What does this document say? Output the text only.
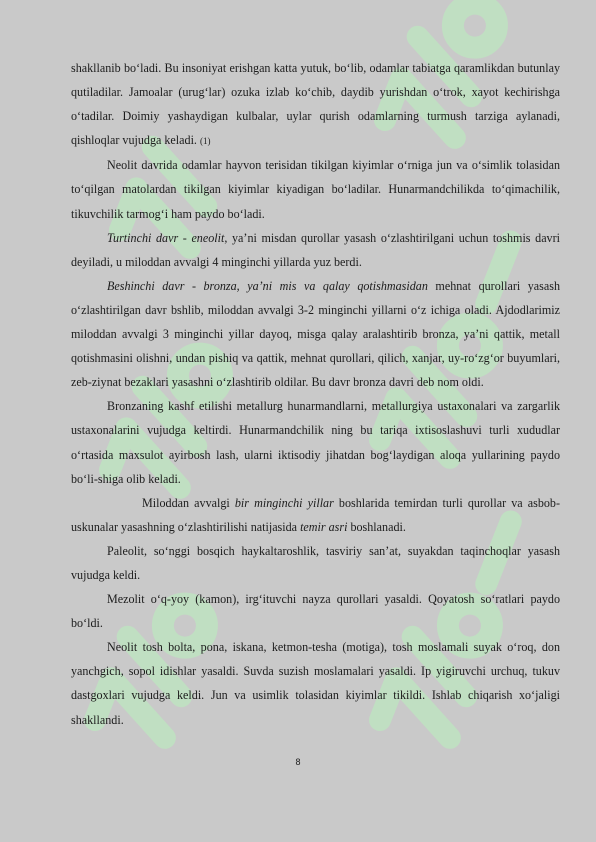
shakllanib bo‘ladi. Bu insoniyat erishgan katta yutuk, bo‘lib, odamlar tabiatga qaramlikdan butunlay qutiladilar. Jamoalar (urug‘lar) ozuka izlab ko‘chib, daydib yurishdan o‘trok, xayot kechirishga o‘tadilar. Doimiy yashaydigan kulbalar, uylar qurish odamlarning turmush tarziga aylanadi, qishloqlar vujudga keladi. (1)

Neolit davrida odamlar hayvon terisidan tikilgan kiyimlar o‘rniga jun va o‘simlik tolasidan to‘qilgan matolardan tikilgan kiyimlar kiyadigan bo‘ladilar. Hunarmandchilikda to‘qimachilik, tikuvchilik tarmog‘i ham paydo bo‘ladi.

Turtinchi davr - eneolit, ya’ni misdan qurollar yasash o‘zlashtirilgani uchun toshmis davri deyiladi, u miloddan avvalgi 4 minginchi yillarda yuz berdi.

Beshinchi davr - bronza, ya’ni mis va qalay qotishmasidan mehnat qurollari yasash o‘zlashtirilgan davr bshlib, miloddan avvalgi 3-2 minginchi yillarni o‘z ichiga oladi. Ajdodlarimiz miloddan avvalgi 3 minginchi yillar dayoq, misga qalay aralashtirib bronza, ya’ni qattik, metall qotishmasini olishni, undan pishiq va qattik, mehnat qurollari, qilich, xanjar, uy-ro‘zg‘or buyumlari, zeb-ziynat bezaklari yasashni o‘zlashtirib oldilar. Bu davr bronza davri deb nom oldi.

Bronzaning kashf etilishi metallurg hunarmandlarni, metallurgiya ustaxonalari va zargarlik ustaxonalarini vujudga keltirdi. Hunarmandchilik ning bu tariqa ixtisoslashuvi turli xududlar o‘rtasida maxsulot ayirbosh lash, ularni iktisodiy jihatdan bog‘laydigan aloqa yullarining paydo bo‘li-shiga olib keladi.

Miloddan avvalgi bir minginchi yillar boshlarida temirdan turli qurollar va asbob-uskunalar yasashning o‘zlashtirilishi natijasida temir asri boshlanadi.

Paleolit, so‘nggi bosqich haykaltaroshlik, tasviriy san’at, suyakdan taqinchoqlar yasash vujudga keldi.

Mezolit o‘q-yoy (kamon), irg‘ituvchi nayza qurollari yasaldi. Qoyatosh so‘ratlari paydo bo‘ldi.

Neolit tosh bolta, pona, iskana, ketmon-tesha (motiga), tosh moslamali suyak o‘roq, don yanchgich, sopol idishlar yasaldi. Suvda suzish moslamalari yasaldi. Ip yigiruvchi urchuq, tukuv dastgoxlari vujudga keldi. Jun va usimlik tolasidan kiyimlar tikildi. Ishlab chiqarish xo‘jaligi shakllandi.

8
